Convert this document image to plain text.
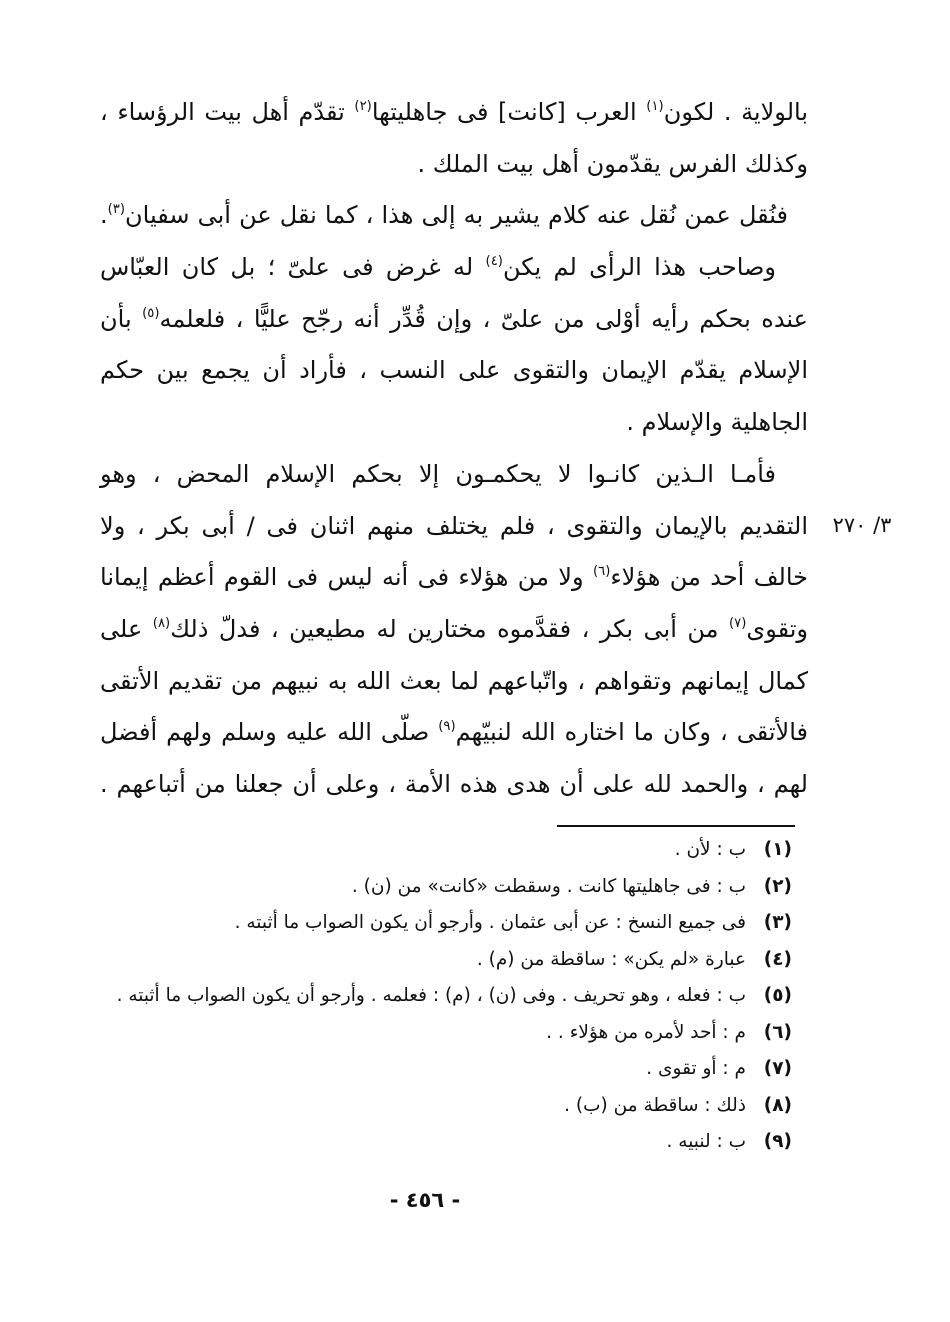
بالولاية . لكون$^{(١)}$ العرب [كانت] فى جاهليتها$^{(٢)}$ تقدّم أهل بيت الرؤساء ،
وكذلك الفرس يقدّمون أهل بيت الملك .
فنُقل عمن نُقل عنه كلام يشير به إلى هذا ، كما نقل عن أبى سفيان$^{(٣)}$.
وصاحب هذا الرأى لم يكن$^{(٤)}$ له غرض فى علىّ ؛ بل كان العبّاس
عنده بحكم رأيه أوْلى من علىّ ، وإن قُدِّر أنه رجّح عليًّا ، فلعلمه$^{(٥)}$ بأن
الإسلام يقدّم الإيمان والتقوى على النسب ، فأراد أن يجمع بين حكم
الجاهلية والإسلام .
فأمـا الـذين كانـوا لا يحكمـون إلا بحكم الإسلام المحض ، وهو
التقديم بالإيمان والتقوى ، فلم يختلف منهم اثنان فى / أبى بكر ، ولا
خالف أحد من هؤلاء$^{(٦)}$ ولا من هؤلاء فى أنه ليس فى القوم أعظم إيمانا
وتقوى$^{(٧)}$ من أبى بكر ، فقدَّموه مختارين له مطيعين ، فدلّ ذلك$^{(٨)}$ على
كمال إيمانهم وتقواهم ، واتّباعهم لما بعث الله به نبيهم من تقديم الأتقى
فالأتقى ، وكان ما اختاره الله لنبيّهم$^{(٩)}$ صلّى الله عليه وسلم ولهم أفضل
لهم ، والحمد لله على أن هدى هذه الأمة ، وعلى أن جعلنا من أتباعهم .
٣/ ٢٧٠
(١)ب : لأن .
(٢)ب : فى جاهليتها كانت . وسقطت «كانت» من (ن) .
(٣)فى جميع النسخ : عن أبى عثمان . وأرجو أن يكون الصواب ما أثبته .
(٤)عبارة «لم يكن» : ساقطة من (م) .
(٥)ب : فعله ، وهو تحريف . وفى (ن) ، (م) : فعلمه . وأرجو أن يكون الصواب ما أثبته .
(٦)م : أحد لأمره من هؤلاء . .
(٧)م : أو تقوى .
(٨)ذلك : ساقطة من (ب) .
(٩)ب : لنبيه .
- ٤٥٦ -
